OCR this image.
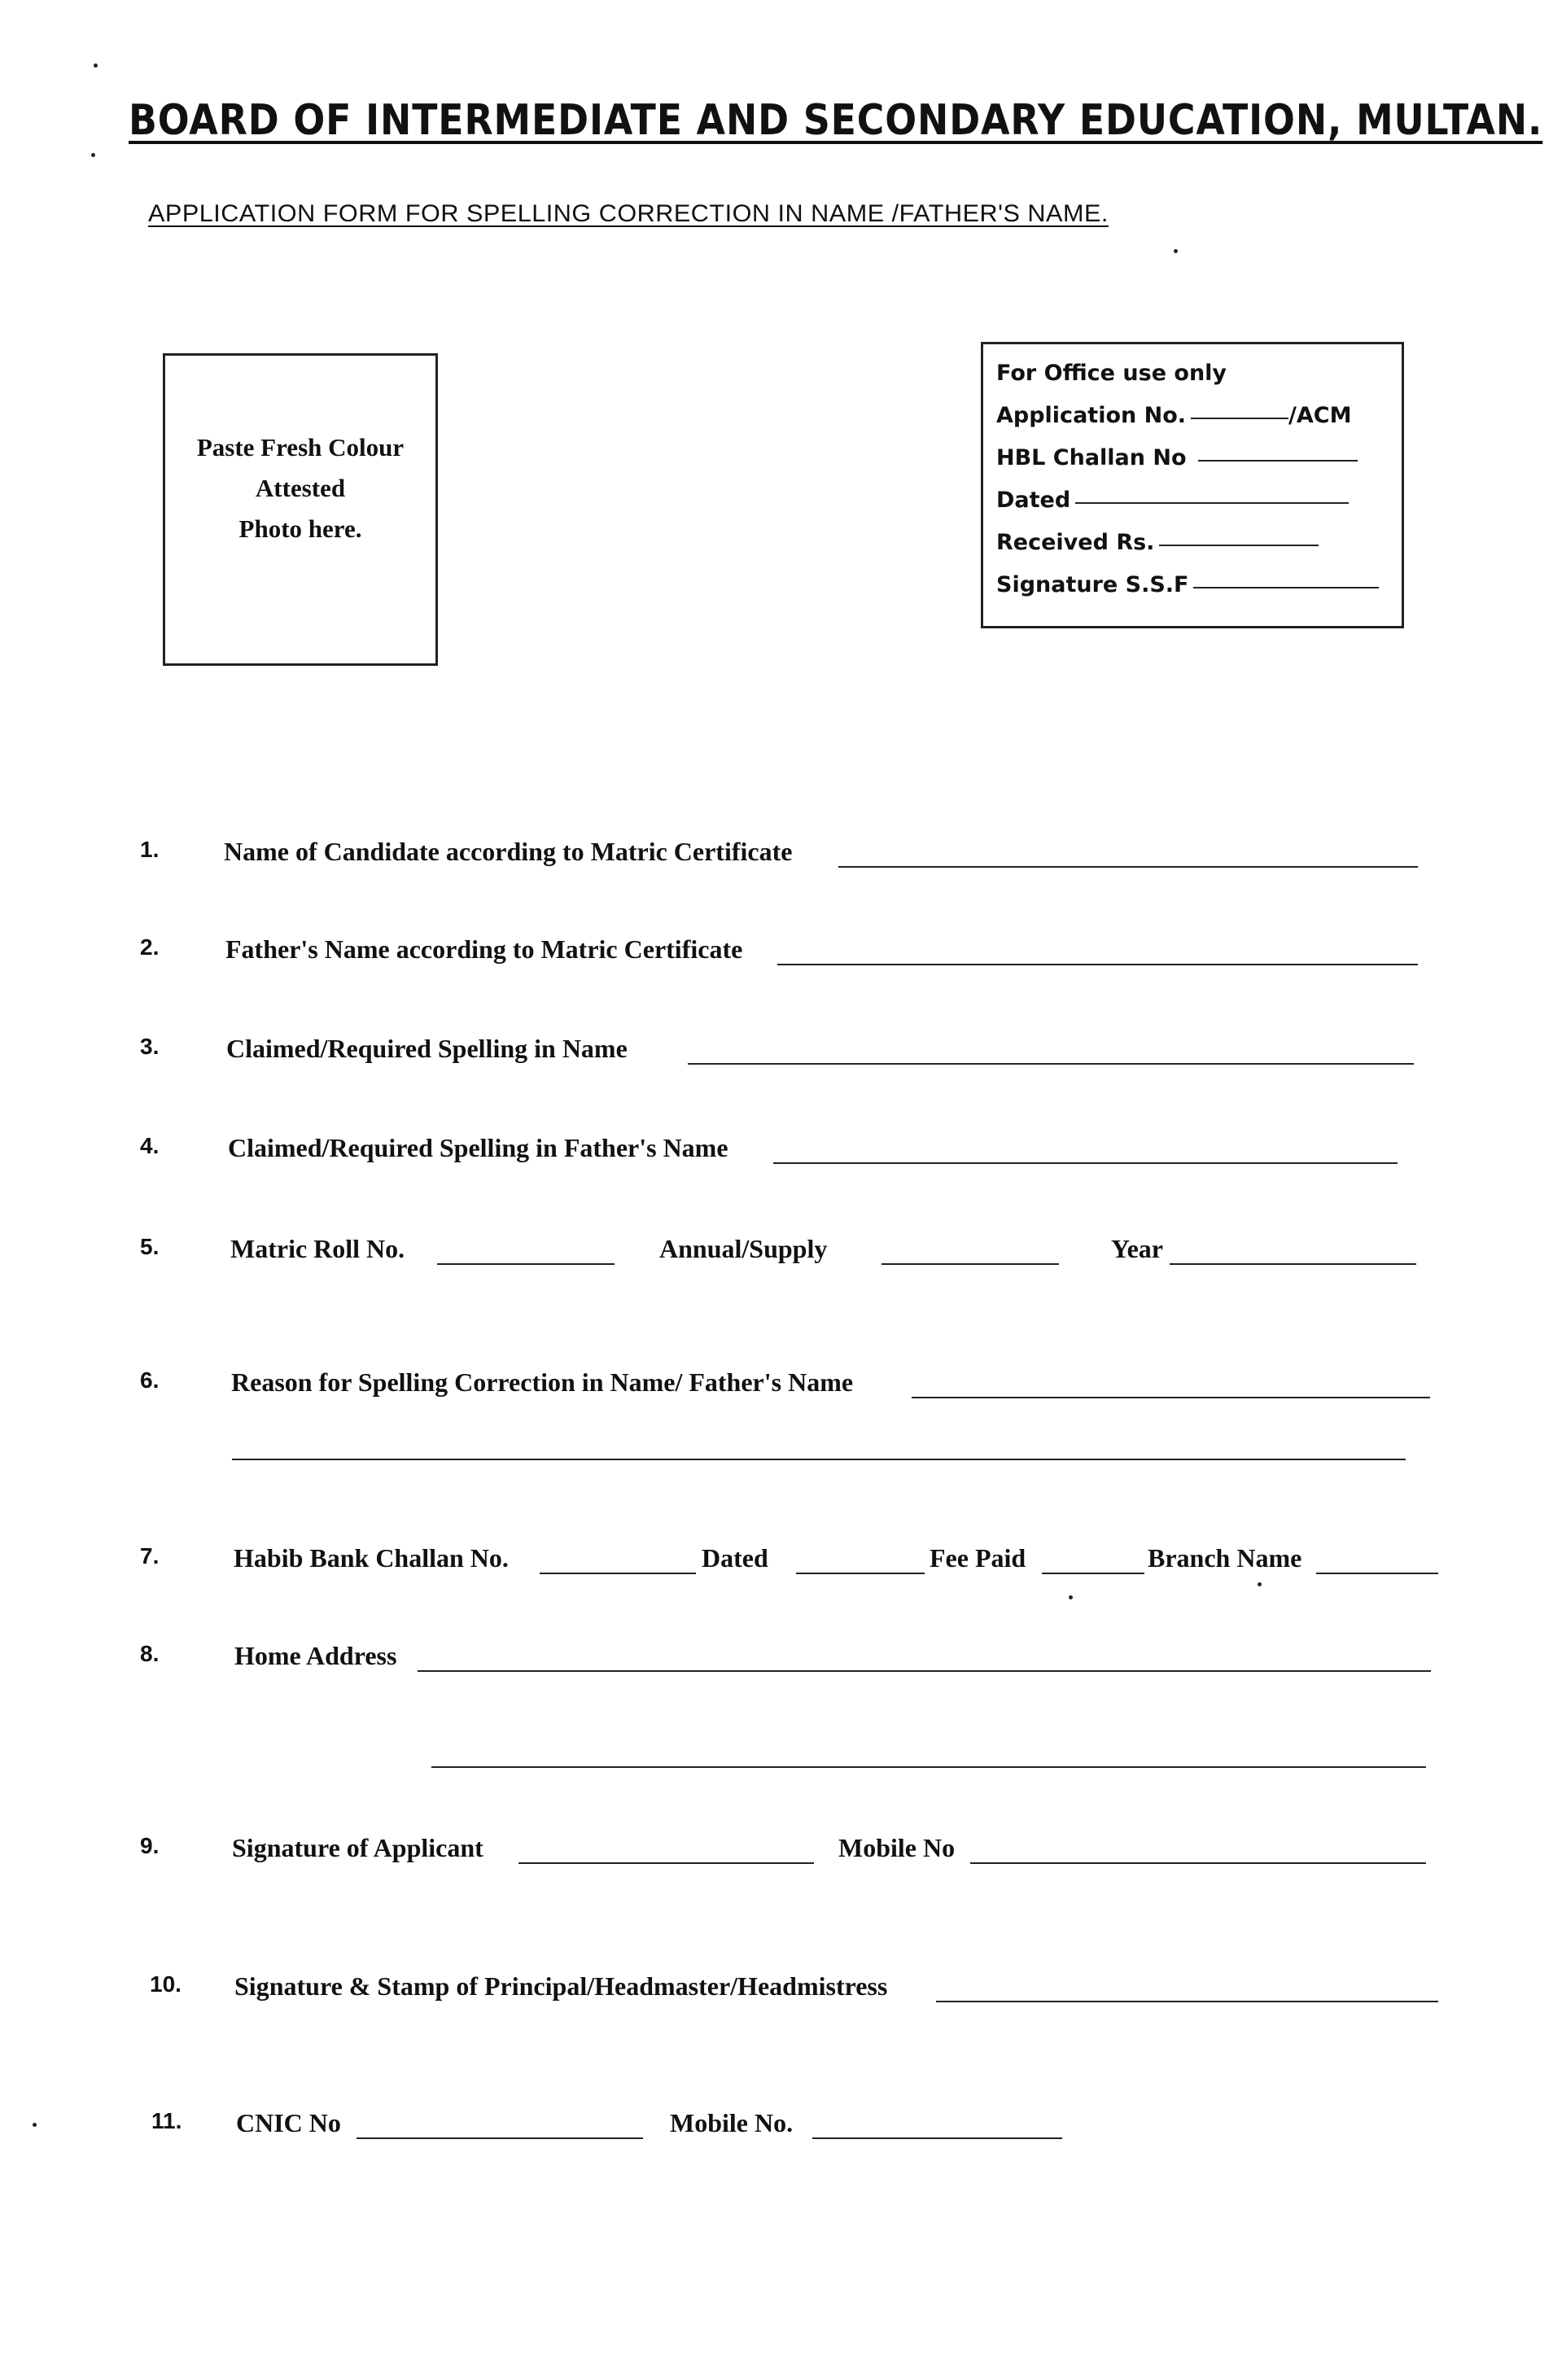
BOARD OF INTERMEDIATE AND SECONDARY EDUCATION, MULTAN.
APPLICATION FORM FOR SPELLING CORRECTION IN NAME /FATHER'S NAME.
Paste Fresh Colour
Attested
Photo here.
For Office use only
Application No.	/ACM
HBL Challan No
Dated
Received Rs.
Signature S.S.F
1. Name of Candidate according to Matric Certificate
2.	Father's Name according to Matric Certificate
3.	Claimed/Required Spelling in Name
4.	Claimed/Required Spelling in Father's Name
5.	Matric Roll No.	Annual/Supply	Year
6.	Reason for Spelling Correction in Name/ Father's Name
7.	Habib Bank Challan No.	Dated	Fee Paid	Branch Name
8.	Home Address
9.	Signature of Applicant	Mobile No
10. Signature & Stamp of Principal/Headmaster/Headmistress
11. CNIC No	Mobile No.
